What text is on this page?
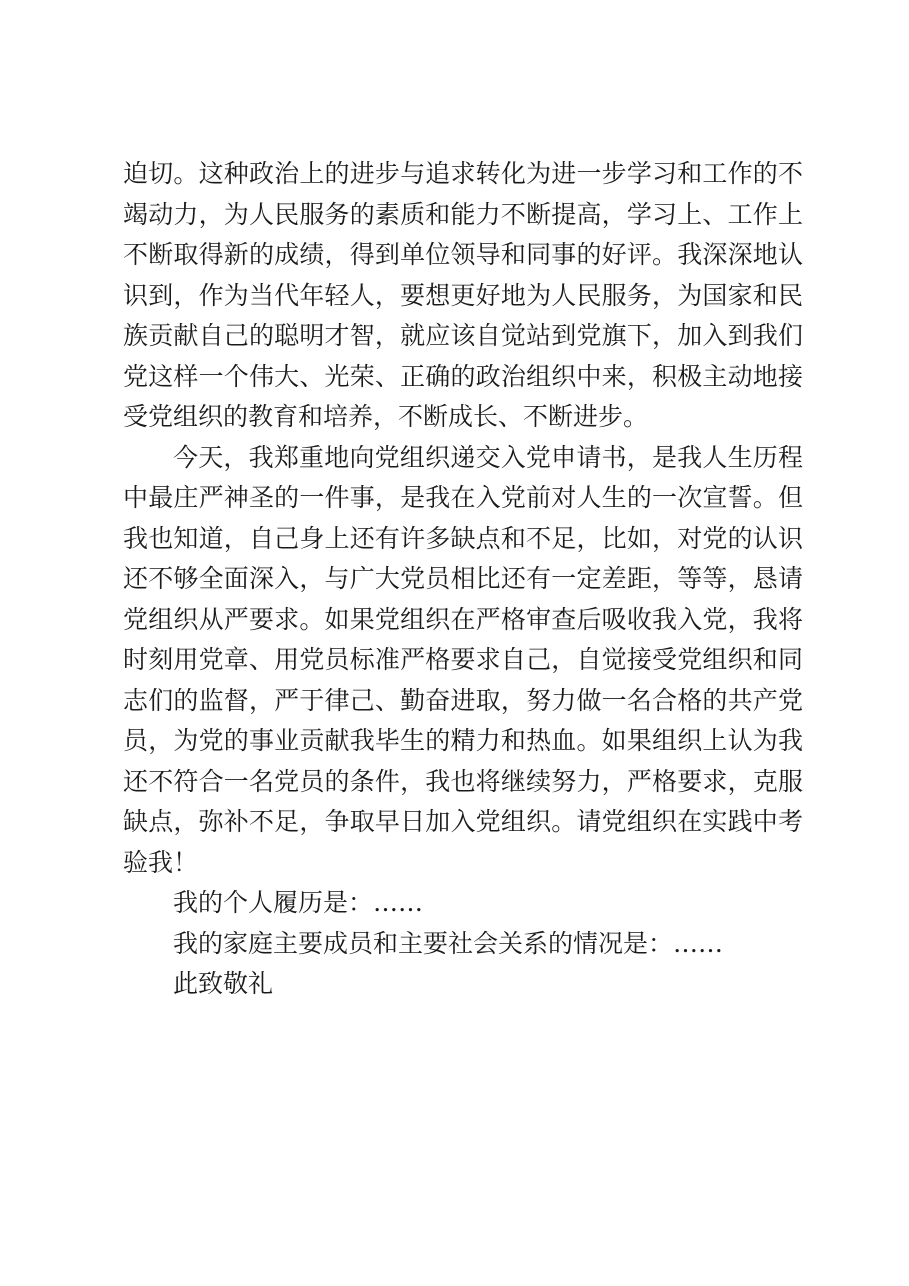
迫切。这种政治上的进步与追求转化为进一步学习和工作的不
竭动力，为人民服务的素质和能力不断提高，学习上、工作上
不断取得新的成绩，得到单位领导和同事的好评。我深深地认
识到，作为当代年轻人，要想更好地为人民服务，为国家和民
族贡献自己的聪明才智，就应该自觉站到党旗下，加入到我们
党这样一个伟大、光荣、正确的政治组织中来，积极主动地接
受党组织的教育和培养，不断成长、不断进步。
今天，我郑重地向党组织递交入党申请书，是我人生历程
中最庄严神圣的一件事，是我在入党前对人生的一次宣誓。但
我也知道，自己身上还有许多缺点和不足，比如，对党的认识
还不够全面深入，与广大党员相比还有一定差距，等等，恳请
党组织从严要求。如果党组织在严格审查后吸收我入党，我将
时刻用党章、用党员标准严格要求自己，自觉接受党组织和同
志们的监督，严于律己、勤奋进取，努力做一名合格的共产党
员，为党的事业贡献我毕生的精力和热血。如果组织上认为我
还不符合一名党员的条件，我也将继续努力，严格要求，克服
缺点，弥补不足，争取早日加入党组织。请党组织在实践中考
验我！
我的个人履历是：……
我的家庭主要成员和主要社会关系的情况是：……
此致敬礼
